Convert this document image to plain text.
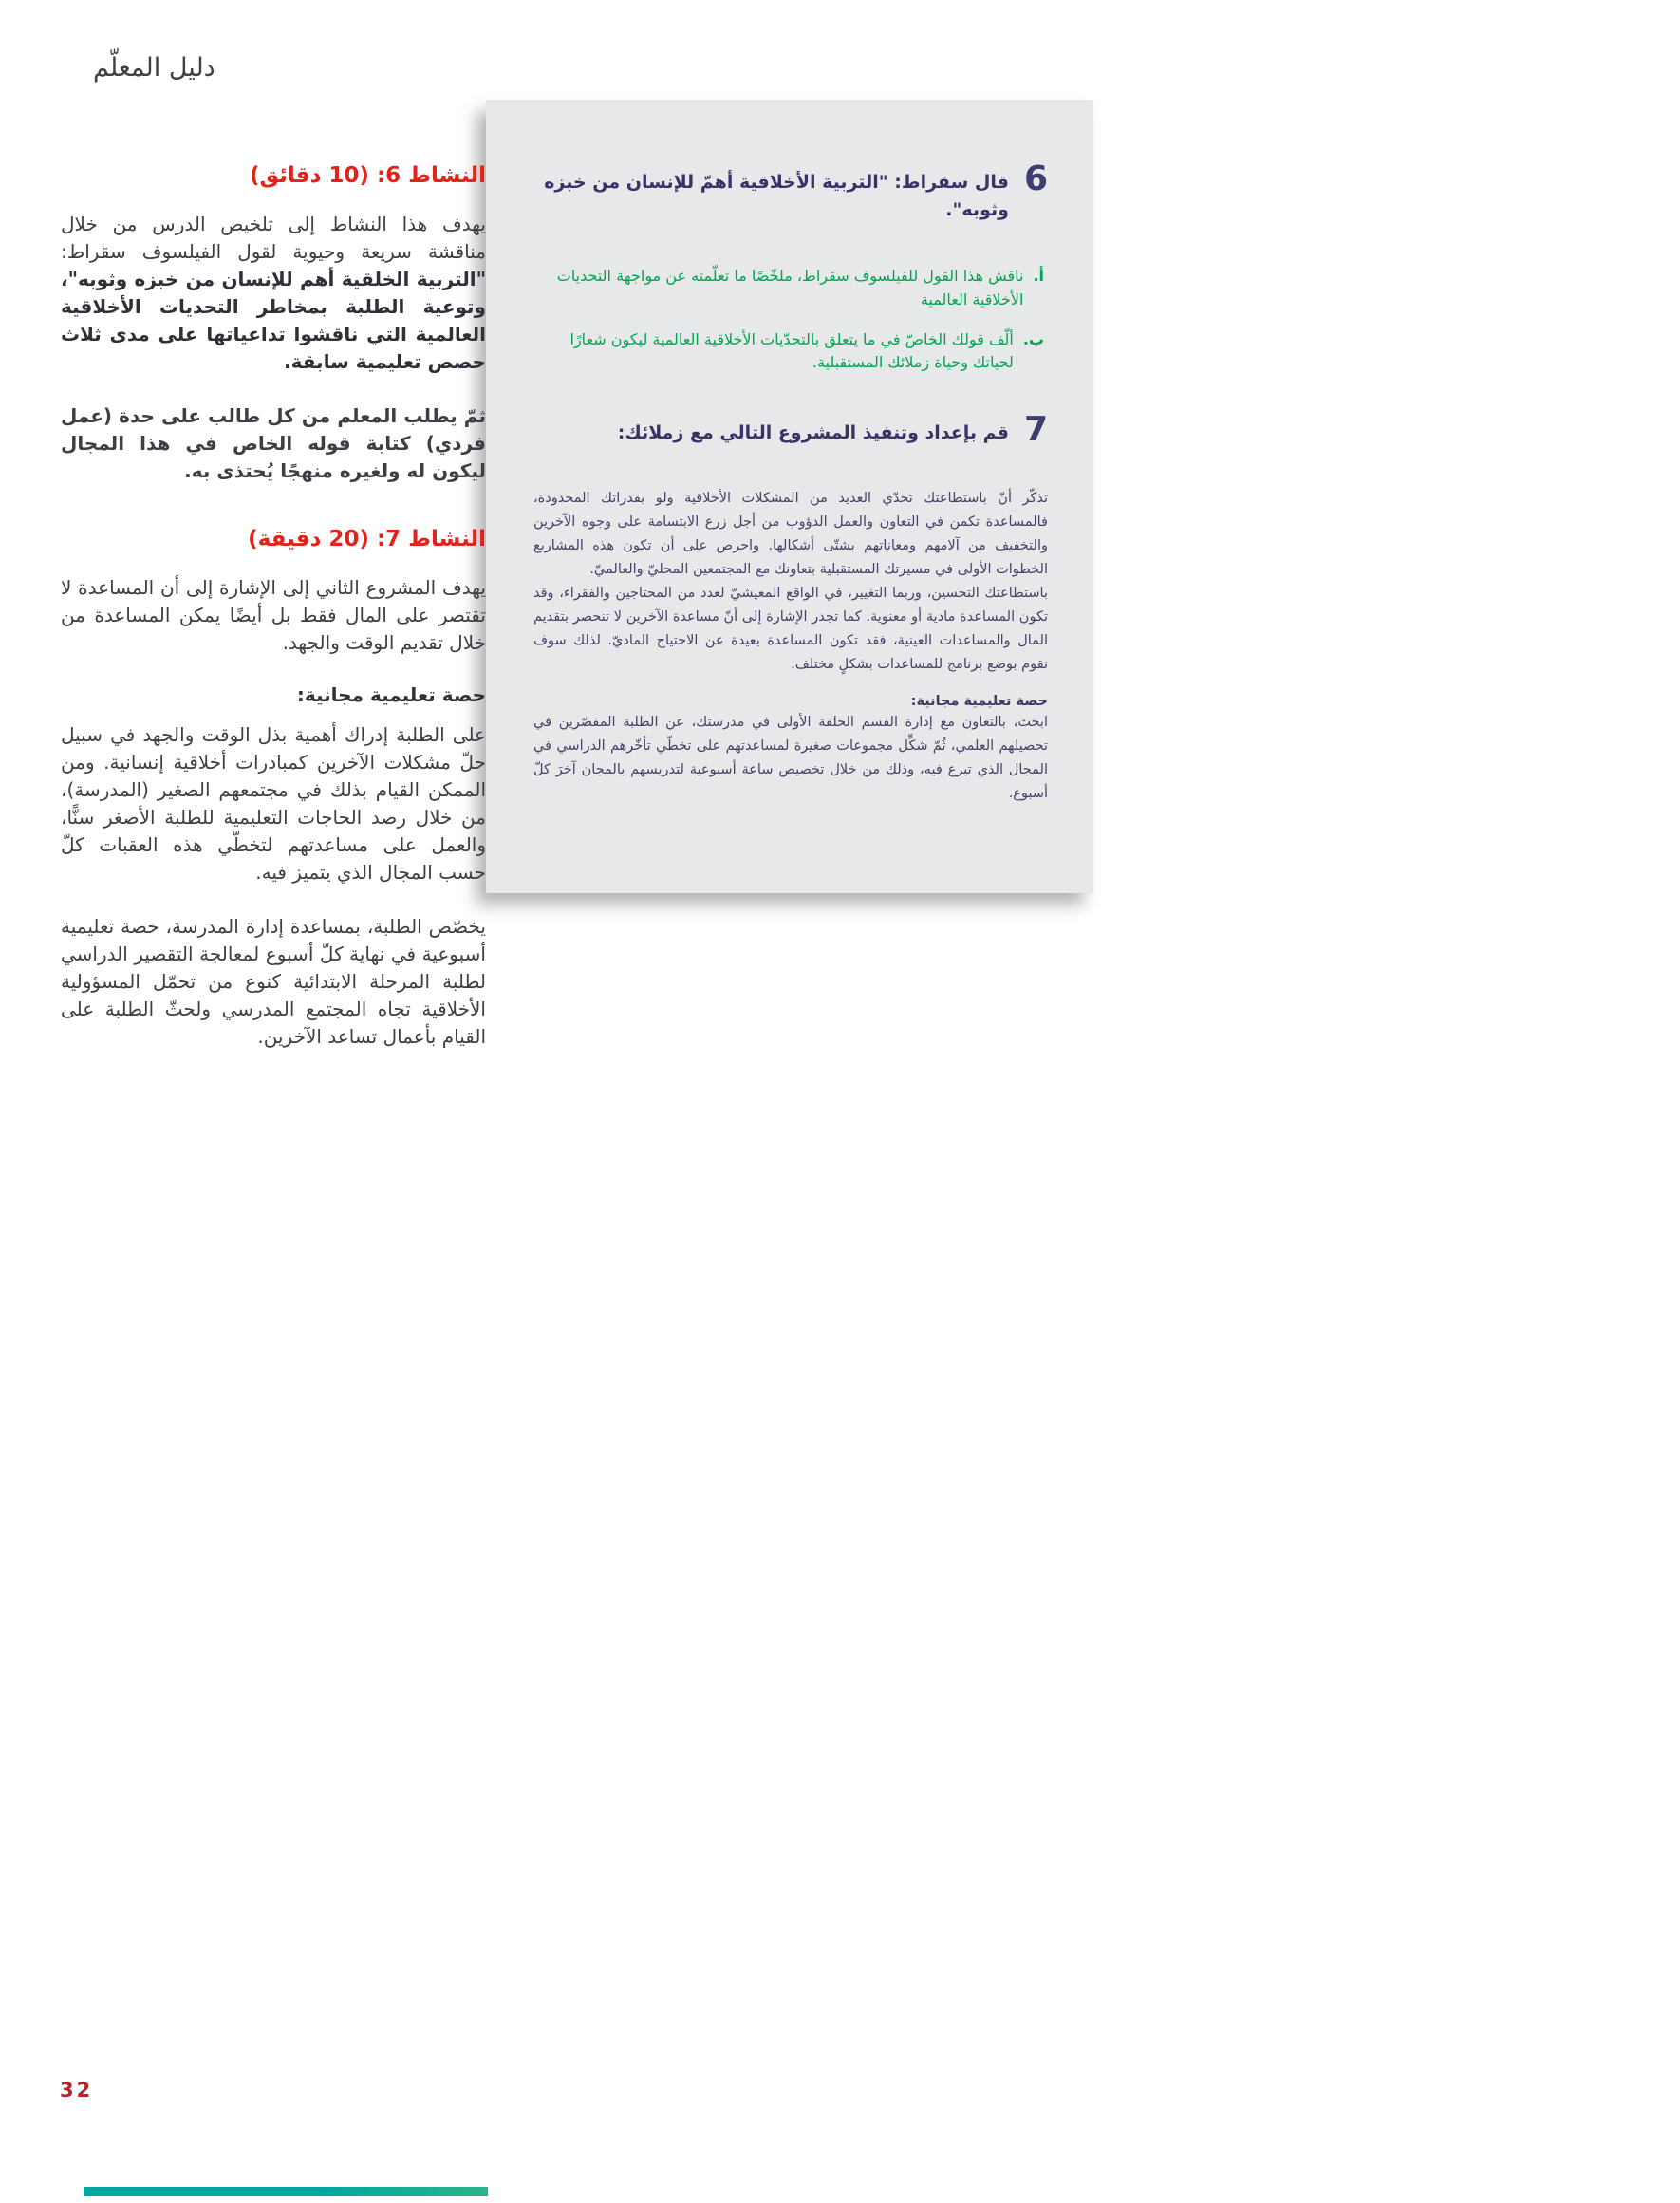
دليل المعلّم
6
قال سقراط: "التربية الأخلاقية أهمّ للإنسان من خبزه وثوبه".
أ.
ناقش هذا القول للفيلسوف سقراط، ملخّصًا ما تعلّمته عن مواجهة التحديات الأخلاقية العالمية
ب.
ألّف قولك الخاصّ في ما يتعلق بالتحدّيات الأخلاقية العالمية ليكون شعارًا لحياتك وحياة زملائك المستقبلية.
7
قم بإعداد وتنفيذ المشروع التالي مع زملائك:

تذكّر أنّ باستطاعتك تحدّي العديد من المشكلات الأخلاقية ولو بقدراتك المحدودة، فالمساعدة تكمن في التعاون والعمل الدؤوب من أجل زرع الابتسامة على وجوه الآخرين والتخفيف من آلامهم ومعاناتهم بشتّى أشكالها. واحرص على أن تكون هذه المشاريع الخطوات الأولى في مسيرتك المستقبلية بتعاونك مع المجتمعين المحليّ والعالميّ.

باستطاعتك التحسين، وربما التغيير، في الواقع المعيشيّ لعدد من المحتاجين والفقراء، وقد تكون المساعدة مادية أو معنوية. كما تجدر الإشارة إلى أنّ مساعدة الآخرين لا تنحصر بتقديم المال والمساعدات العينية، فقد تكون المساعدة بعيدة عن الاحتياج الماديّ. لذلك سوف نقوم بوضع برنامج للمساعدات بشكلٍ مختلف.

حصة تعليمية مجانية:

ابحث، بالتعاون مع إدارة القسم الحلقة الأولى في مدرستك، عن الطلبة المقصّرين في تحصيلهم العلمي، ثُمّ شكِّل مجموعات صغيرة لمساعدتهم على تخطّي تأخّرهم الدراسي في المجال الذي تبرع فيه، وذلك من خلال تخصيص ساعة أسبوعية لتدريسهم بالمجان آخرَ كلّ أسبوع.

النشاط 6: (10 دقائق)

يهدف هذا النشاط إلى تلخيص الدرس من خلال مناقشة سريعة وحيوية لقول الفيلسوف سقراط: "التربية الخلقية أهم للإنسان من خبزه وثوبه"، وتوعية الطلبة بمخاطر التحديات الأخلاقية العالمية التي ناقشوا تداعياتها على مدى ثلاث حصص تعليمية سابقة.

ثمّ يطلب المعلم من كل طالب على حدة (عمل فردي) كتابة قوله الخاص في هذا المجال ليكون له ولغيره منهجًا يُحتذى به.

النشاط 7: (20 دقيقة)

يهدف المشروع الثاني إلى الإشارة إلى أن المساعدة لا تقتصر على المال فقط بل أيضًا يمكن المساعدة من خلال تقديم الوقت والجهد.

حصة تعليمية مجانية:

على الطلبة إدراك أهمية بذل الوقت والجهد في سبيل حلّ مشكلات الآخرين كمبادرات أخلاقية إنسانية. ومن الممكن القيام بذلك في مجتمعهم الصغير (المدرسة)، من خلال رصد الحاجات التعليمية للطلبة الأصغر سنًّا، والعمل على مساعدتهم لتخطّي هذه العقبات كلّ حسب المجال الذي يتميز فيه.

يخصّص الطلبة، بمساعدة إدارة المدرسة، حصة تعليمية أسبوعية في نهاية كلّ أسبوع لمعالجة التقصير الدراسي لطلبة المرحلة الابتدائية كنوع من تحمّل المسؤولية الأخلاقية تجاه المجتمع المدرسي ولحثّ الطلبة على القيام بأعمال تساعد الآخرين.

32
